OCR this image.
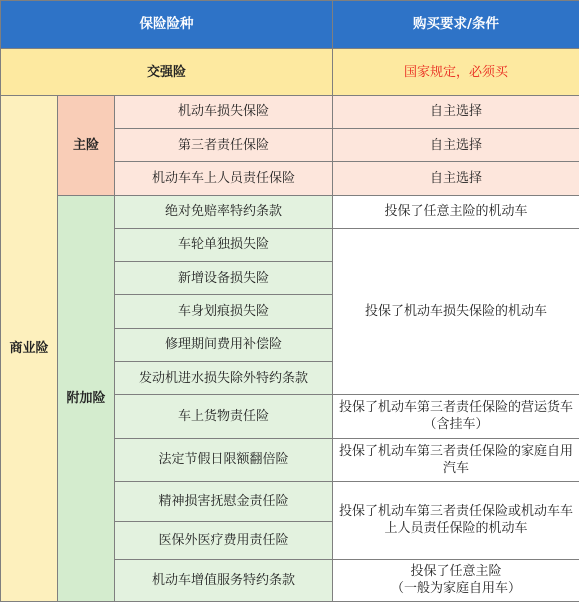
保险险种			购买要求/条件
交强险			国家规定，必须买
商业险	主险	机动车损失保险	自主选择
		第三者责任保险	自主选择
		机动车车上人员责任保险	自主选择
	附加险	绝对免赔率特约条款	投保了任意主险的机动车
		车轮单独损失险	投保了机动车损失保险的机动车
		新增设备损失险	
		车身划痕损失险	
		修理期间费用补偿险	
		发动机进水损失除外特约条款	
		车上货物责任险	投保了机动车第三者责任保险的营运货车（含挂车）
		法定节假日限额翻倍险	投保了机动车第三者责任保险的家庭自用汽车
		精神损害抚慰金责任险	投保了机动车第三者责任保险或机动车车上人员责任保险的机动车
		医保外医疗费用责任险	
		机动车增值服务特约条款	投保了任意主险
（一般为家庭自用车）
